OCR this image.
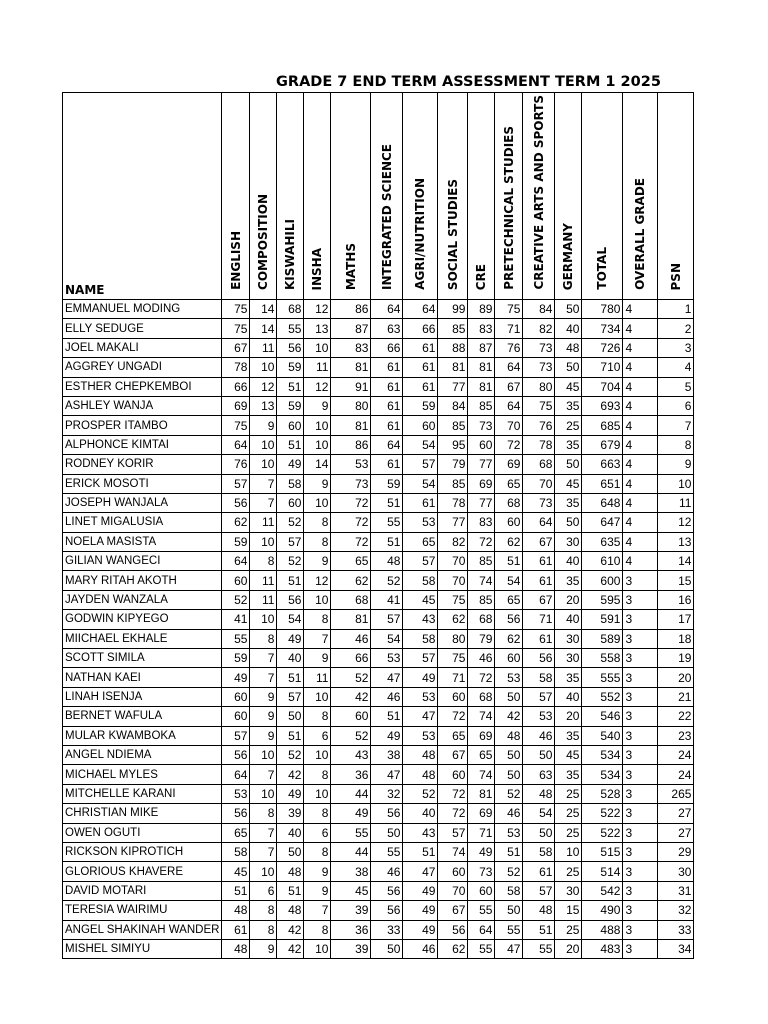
GRADE 7 END TERM ASSESSMENT TERM 1 2025
NAME	ENGLISH	COMPOSITION	KISWAHILI	INSHA	MATHS	INTEGRATED SCIENCE	AGRI/NUTRITION	SOCIAL STUDIES	CRE	PRETECHNICAL STUDIES	CREATIVE ARTS AND SPORTS	GERMANY	TOTAL	OVERALL GRADE	PSN
EMMANUEL MODING	75	14	68	12	86	64	64	99	89	75	84	50	780	4	1
ELLY SEDUGE	75	14	55	13	87	63	66	85	83	71	82	40	734	4	2
JOEL MAKALI	67	11	56	10	83	66	61	88	87	76	73	48	726	4	3
AGGREY UNGADI	78	10	59	11	81	61	61	81	81	64	73	50	710	4	4
ESTHER CHEPKEMBOI	66	12	51	12	91	61	61	77	81	67	80	45	704	4	5
ASHLEY WANJA	69	13	59	9	80	61	59	84	85	64	75	35	693	4	6
PROSPER ITAMBO	75	9	60	10	81	61	60	85	73	70	76	25	685	4	7
ALPHONCE KIMTAI	64	10	51	10	86	64	54	95	60	72	78	35	679	4	8
RODNEY KORIR	76	10	49	14	53	61	57	79	77	69	68	50	663	4	9
ERICK MOSOTI	57	7	58	9	73	59	54	85	69	65	70	45	651	4	10
JOSEPH WANJALA	56	7	60	10	72	51	61	78	77	68	73	35	648	4	11
LINET MIGALUSIA	62	11	52	8	72	55	53	77	83	60	64	50	647	4	12
NOELA MASISTA	59	10	57	8	72	51	65	82	72	62	67	30	635	4	13
GILIAN WANGECI	64	8	52	9	65	48	57	70	85	51	61	40	610	4	14
MARY RITAH AKOTH	60	11	51	12	62	52	58	70	74	54	61	35	600	3	15
JAYDEN WANZALA	52	11	56	10	68	41	45	75	85	65	67	20	595	3	16
GODWIN KIPYEGO	41	10	54	8	81	57	43	62	68	56	71	40	591	3	17
MIICHAEL EKHALE	55	8	49	7	46	54	58	80	79	62	61	30	589	3	18
SCOTT SIMILA	59	7	40	9	66	53	57	75	46	60	56	30	558	3	19
NATHAN KAEI	49	7	51	11	52	47	49	71	72	53	58	35	555	3	20
LINAH ISENJA	60	9	57	10	42	46	53	60	68	50	57	40	552	3	21
BERNET WAFULA	60	9	50	8	60	51	47	72	74	42	53	20	546	3	22
MULAR KWAMBOKA	57	9	51	6	52	49	53	65	69	48	46	35	540	3	23
ANGEL NDIEMA	56	10	52	10	43	38	48	67	65	50	50	45	534	3	24
MICHAEL MYLES	64	7	42	8	36	47	48	60	74	50	63	35	534	3	24
MITCHELLE KARANI	53	10	49	10	44	32	52	72	81	52	48	25	528	3	265
CHRISTIAN MIKE	56	8	39	8	49	56	40	72	69	46	54	25	522	3	27
OWEN OGUTI	65	7	40	6	55	50	43	57	71	53	50	25	522	3	27
RICKSON KIPROTICH	58	7	50	8	44	55	51	74	49	51	58	10	515	3	29
GLORIOUS KHAVERE	45	10	48	9	38	46	47	60	73	52	61	25	514	3	30
DAVID MOTARI	51	6	51	9	45	56	49	70	60	58	57	30	542	3	31
TERESIA WAIRIMU	48	8	48	7	39	56	49	67	55	50	48	15	490	3	32
ANGEL SHAKINAH WANDER	61	8	42	8	36	33	49	56	64	55	51	25	488	3	33
MISHEL SIMIYU	48	9	42	10	39	50	46	62	55	47	55	20	483	3	34
